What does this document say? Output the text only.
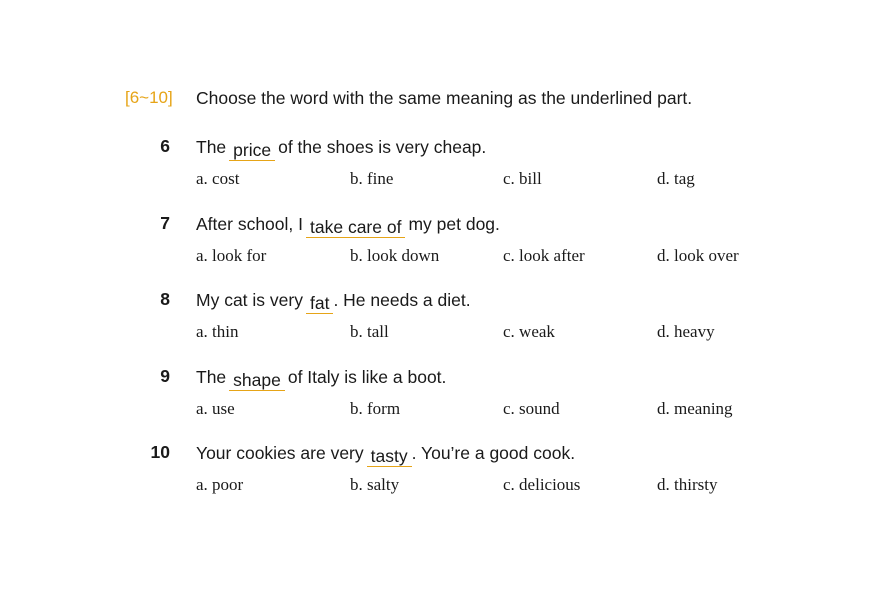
[6~10] Choose the word with the same meaning as the underlined part.
6 The price of the shoes is very cheap.
a. cost	b. fine	c. bill	d. tag
7 After school, I take care of my pet dog.
a. look for	b. look down	c. look after	d. look over
8 My cat is very fat . He needs a diet.
a. thin	b. tall	c. weak	d. heavy
9 The shape of Italy is like a boot.
a. use	b. form	c. sound	d. meaning
10 Your cookies are very tasty . You’re a good cook.
a. poor	b. salty	c. delicious	d. thirsty
